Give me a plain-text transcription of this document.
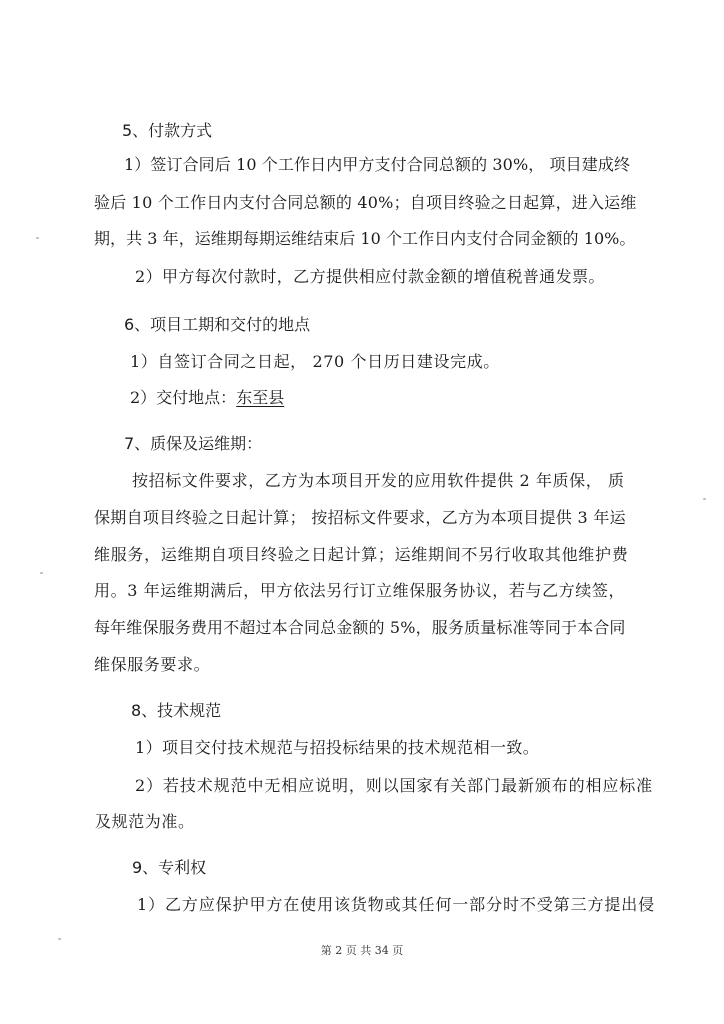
5、付款方式
1）签订合同后 10 个工作日内甲方支付合同总额的 30%， 项目建成终
验后 10 个工作日内支付合同总额的 40%；自项目终验之日起算，进入运维
期，共 3 年，运维期每期运维结束后 10 个工作日内支付合同金额的 10%。
2）甲方每次付款时，乙方提供相应付款金额的增值税普通发票。
6、项目工期和交付的地点
1）自签订合同之日起， 270 个日历日建设完成。
2）交付地点：东至县
7、质保及运维期：
按招标文件要求，乙方为本项目开发的应用软件提供 2 年质保， 质
保期自项目终验之日起计算； 按招标文件要求，乙方为本项目提供 3 年运
维服务，运维期自项目终验之日起计算；运维期间不另行收取其他维护费
用。3 年运维期满后，甲方依法另行订立维保服务协议，若与乙方续签，
每年维保服务费用不超过本合同总金额的 5%，服务质量标准等同于本合同
维保服务要求。
8、技术规范
1）项目交付技术规范与招投标结果的技术规范相一致。
2）若技术规范中无相应说明，则以国家有关部门最新颁布的相应标准
及规范为准。
9、专利权
1）乙方应保护甲方在使用该货物或其任何一部分时不受第三方提出侵
第 2 页 共 34 页
